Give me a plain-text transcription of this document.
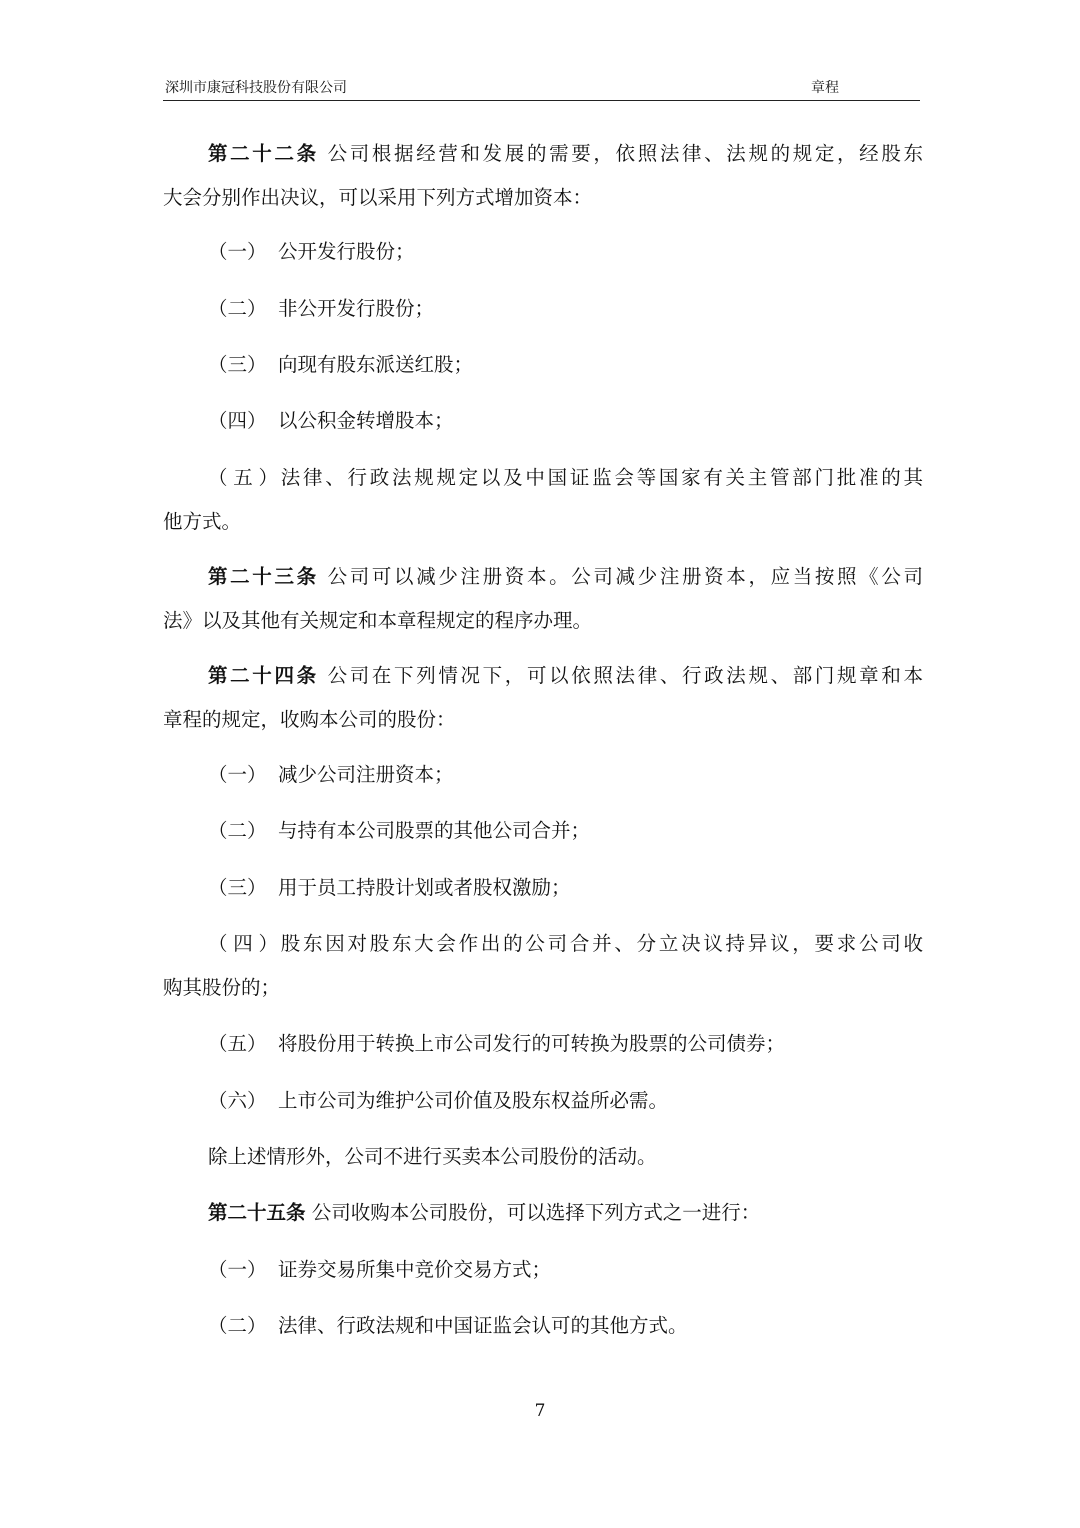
深圳市康冠科技股份有限公司	章程
第二十二条 公司根据经营和发展的需要，依照法律、法规的规定，经股东
大会分别作出决议，可以采用下列方式增加资本：
（一） 公开发行股份；
（二） 非公开发行股份；
（三） 向现有股东派送红股；
（四） 以公积金转增股本；
（五）法律、行政法规规定以及中国证监会等国家有关主管部门批准的其
他方式。
第二十三条 公司可以减少注册资本。公司减少注册资本，应当按照《公司
法》以及其他有关规定和本章程规定的程序办理。
第二十四条 公司在下列情况下，可以依照法律、行政法规、部门规章和本
章程的规定，收购本公司的股份：
（一） 减少公司注册资本；
（二） 与持有本公司股票的其他公司合并；
（三） 用于员工持股计划或者股权激励；
（四）股东因对股东大会作出的公司合并、分立决议持异议，要求公司收
购其股份的；
（五） 将股份用于转换上市公司发行的可转换为股票的公司债券；
（六） 上市公司为维护公司价值及股东权益所必需。
除上述情形外，公司不进行买卖本公司股份的活动。
第二十五条 公司收购本公司股份，可以选择下列方式之一进行：
（一） 证券交易所集中竞价交易方式；
（二） 法律、行政法规和中国证监会认可的其他方式。
7
